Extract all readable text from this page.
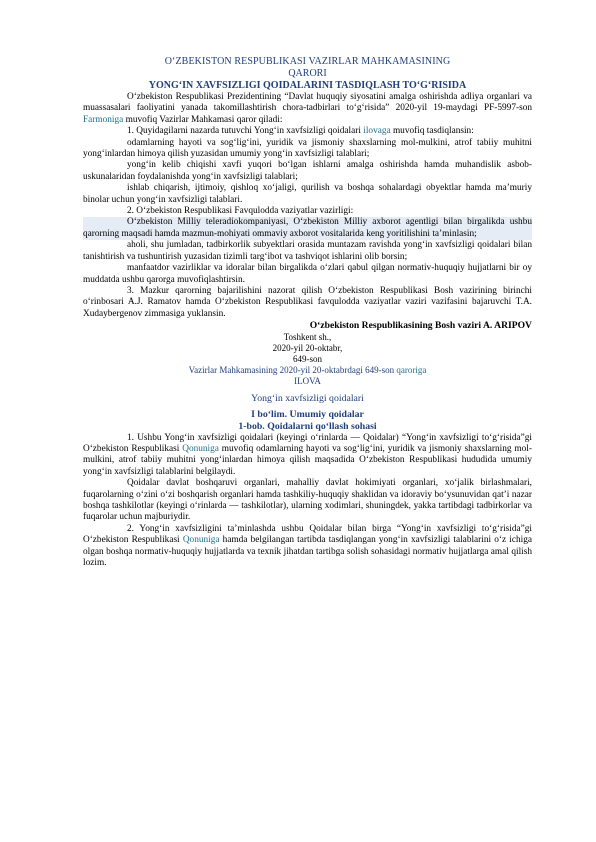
O‘ZBEKISTON RESPUBLIKASI VAZIRLAR MAHKAMASINING
QARORI
YONG‘IN XAVFSIZLIGI QOIDALARINI TASDIQLASH TO‘G‘RISIDA

O‘zbekiston Respublikasi Prezidentining “Davlat huquqiy siyosatini amalga oshirishda adliya organlari va muassasalari faoliyatini yanada takomillashtirish chora-tadbirlari to‘g‘risida” 2020-yil 19-maydagi PF-5997-son Farmoniga muvofiq Vazirlar Mahkamasi qaror qiladi:

1. Quyidagilarni nazarda tutuvchi Yong‘in xavfsizligi qoidalari ilovaga muvofiq tasdiqlansin:

odamlarning hayoti va sog‘lig‘ini, yuridik va jismoniy shaxslarning mol-mulkini, atrof tabiiy muhitni yong‘inlardan himoya qilish yuzasidan umumiy yong‘in xavfsizligi talablari;

yong‘in kelib chiqishi xavfi yuqori bo‘lgan ishlarni amalga oshirishda hamda muhandislik asbob-uskunalaridan foydalanishda yong‘in xavfsizligi talablari;

ishlab chiqarish, ijtimoiy, qishloq xo‘jaligi, qurilish va boshqa sohalardagi obyektlar hamda ma’muriy binolar uchun yong‘in xavfsizligi talablari.

2. O‘zbekiston Respublikasi Favqulodda vaziyatlar vazirligi:

O‘zbekiston Milliy teleradiokompaniyasi, O‘zbekiston Milliy axborot agentligi bilan birgalikda ushbu qarorning maqsadi hamda mazmun-mohiyati ommaviy axborot vositalarida keng yoritilishini ta’minlasin;

aholi, shu jumladan, tadbirkorlik subyektlari orasida muntazam ravishda yong‘in xavfsizligi qoidalari bilan tanishtirish va tushuntirish yuzasidan tizimli targ‘ibot va tashviqot ishlarini olib borsin;

manfaatdor vazirliklar va idoralar bilan birgalikda o‘zlari qabul qilgan normativ-huquqiy hujjatlarni bir oy muddatda ushbu qarorga muvofiqlashtirsin.

3. Mazkur qarorning bajarilishini nazorat qilish O‘zbekiston Respublikasi Bosh vazirining birinchi o‘rinbosari A.J. Ramatov hamda O‘zbekiston Respublikasi favqulodda vaziyatlar vaziri vazifasini bajaruvchi T.A. Xudaybergenov zimmasiga yuklansin.

O‘zbekiston Respublikasining Bosh vaziri A. ARIPOV

Toshkent sh.,
2020-yil 20-oktabr,
649-son
Vazirlar Mahkamasining 2020-yil 20-oktabrdagi 649-son qaroriga
ILOVA
Yong‘in xavfsizligi qoidalari
I bo‘lim. Umumiy qoidalar
1-bob. Qoidalarni qo‘llash sohasi

1. Ushbu Yong‘in xavfsizligi qoidalari (keyingi o‘rinlarda — Qoidalar) “Yong‘in xavfsizligi to‘g‘risida”gi O‘zbekiston Respublikasi Qonuniga muvofiq odamlarning hayoti va sog‘lig‘ini, yuridik va jismoniy shaxslarning mol-mulkini, atrof tabiiy muhitni yong‘inlardan himoya qilish maqsadida O‘zbekiston Respublikasi hududida umumiy yong‘in xavfsizligi talablarini belgilaydi.

Qoidalar davlat boshqaruvi organlari, mahalliy davlat hokimiyati organlari, xo‘jalik birlashmalari, fuqarolarning o‘zini o‘zi boshqarish organlari hamda tashkiliy-huquqiy shaklidan va idoraviy bo‘ysunuvidan qat’i nazar boshqa tashkilotlar (keyingi o‘rinlarda — tashkilotlar), ularning xodimlari, shuningdek, yakka tartibdagi tadbirkorlar va fuqarolar uchun majburiydir.

2. Yong‘in xavfsizligini ta’minlashda ushbu Qoidalar bilan birga “Yong‘in xavfsizligi to‘g‘risida”gi O‘zbekiston Respublikasi Qonuniga hamda belgilangan tartibda tasdiqlangan yong‘in xavfsizligi talablarini o‘z ichiga olgan boshqa normativ-huquqiy hujjatlarda va texnik jihatdan tartibga solish sohasidagi normativ hujjatlarga amal qilish lozim.
